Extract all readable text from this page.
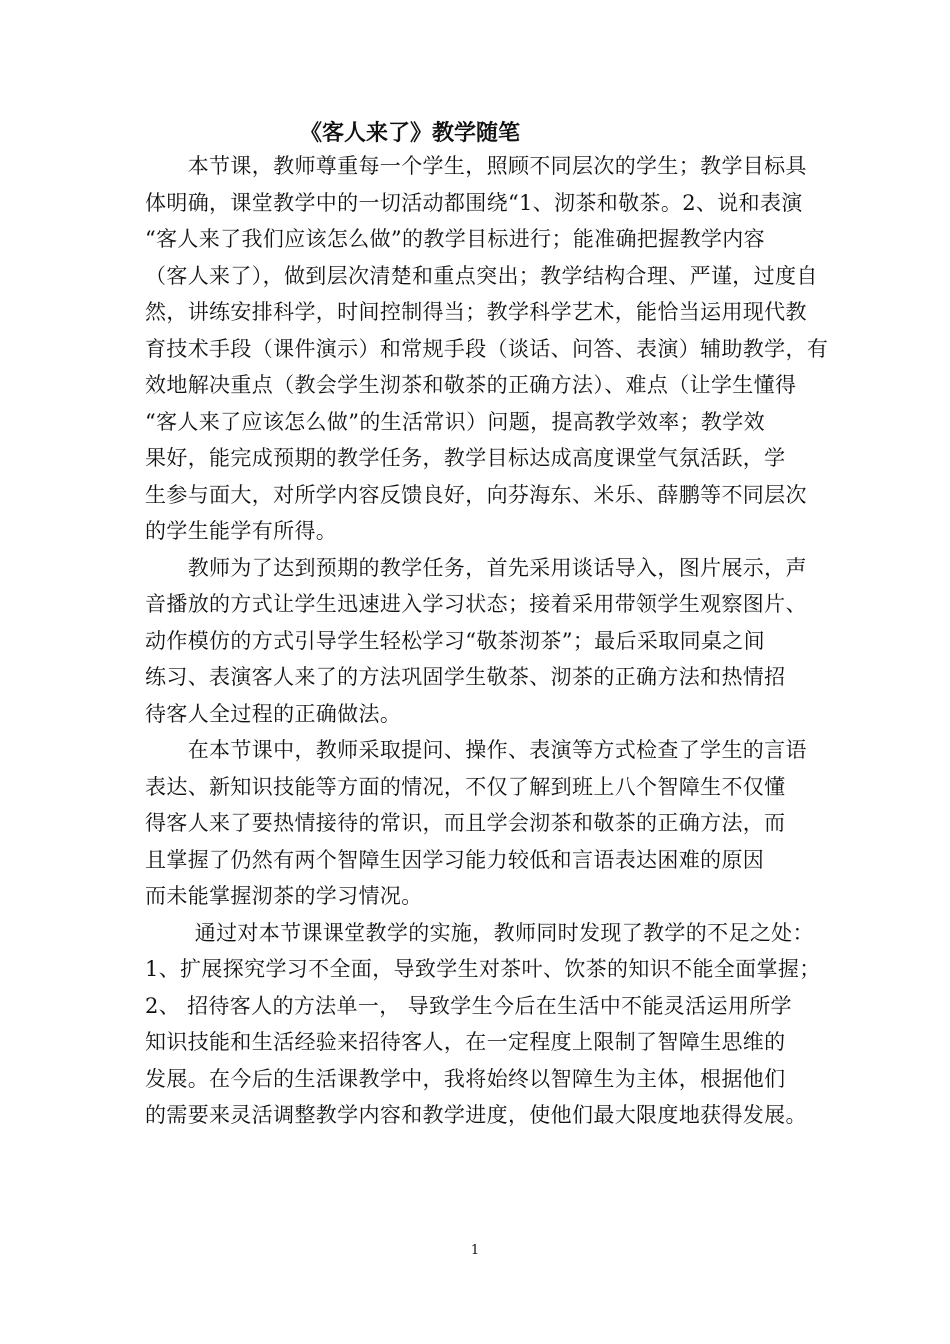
《客人来了》教学随笔
　　本节课，教师尊重每一个学生，照顾不同层次的学生；教学目标具
体明确，课堂教学中的一切活动都围绕“1、沏茶和敬茶。2、说和表演
“客人来了我们应该怎么做”的教学目标进行；能准确把握教学内容
（客人来了），做到层次清楚和重点突出；教学结构合理、严谨，过度自
然，讲练安排科学，时间控制得当；教学科学艺术，能恰当运用现代教
育技术手段（课件演示）和常规手段（谈话、问答、表演）辅助教学，有
效地解决重点（教会学生沏茶和敬茶的正确方法）、难点（让学生懂得
“客人来了应该怎么做”的生活常识）问题，提高教学效率；教学效
果好，能完成预期的教学任务，教学目标达成高度课堂气氛活跃，学
生参与面大，对所学内容反馈良好，向芬海东、米乐、薛鹏等不同层次
的学生能学有所得。
　　教师为了达到预期的教学任务，首先采用谈话导入，图片展示，声
音播放的方式让学生迅速进入学习状态；接着采用带领学生观察图片、
动作模仿的方式引导学生轻松学习“敬茶沏茶”；最后采取同桌之间
练习、表演客人来了的方法巩固学生敬茶、沏茶的正确方法和热情招
待客人全过程的正确做法。
　　在本节课中，教师采取提问、操作、表演等方式检查了学生的言语
表达、新知识技能等方面的情况，不仅了解到班上八个智障生不仅懂
得客人来了要热情接待的常识，而且学会沏茶和敬茶的正确方法，而
且掌握了仍然有两个智障生因学习能力较低和言语表达困难的原因
而未能掌握沏茶的学习情况。
　　 通过对本节课课堂教学的实施，教师同时发现了教学的不足之处：
1、扩展探究学习不全面，导致学生对茶叶、饮茶的知识不能全面掌握；
2、 招待客人的方法单一， 导致学生今后在生活中不能灵活运用所学
知识技能和生活经验来招待客人，在一定程度上限制了智障生思维的
发展。在今后的生活课教学中，我将始终以智障生为主体，根据他们
的需要来灵活调整教学内容和教学进度，使他们最大限度地获得发展。
1
